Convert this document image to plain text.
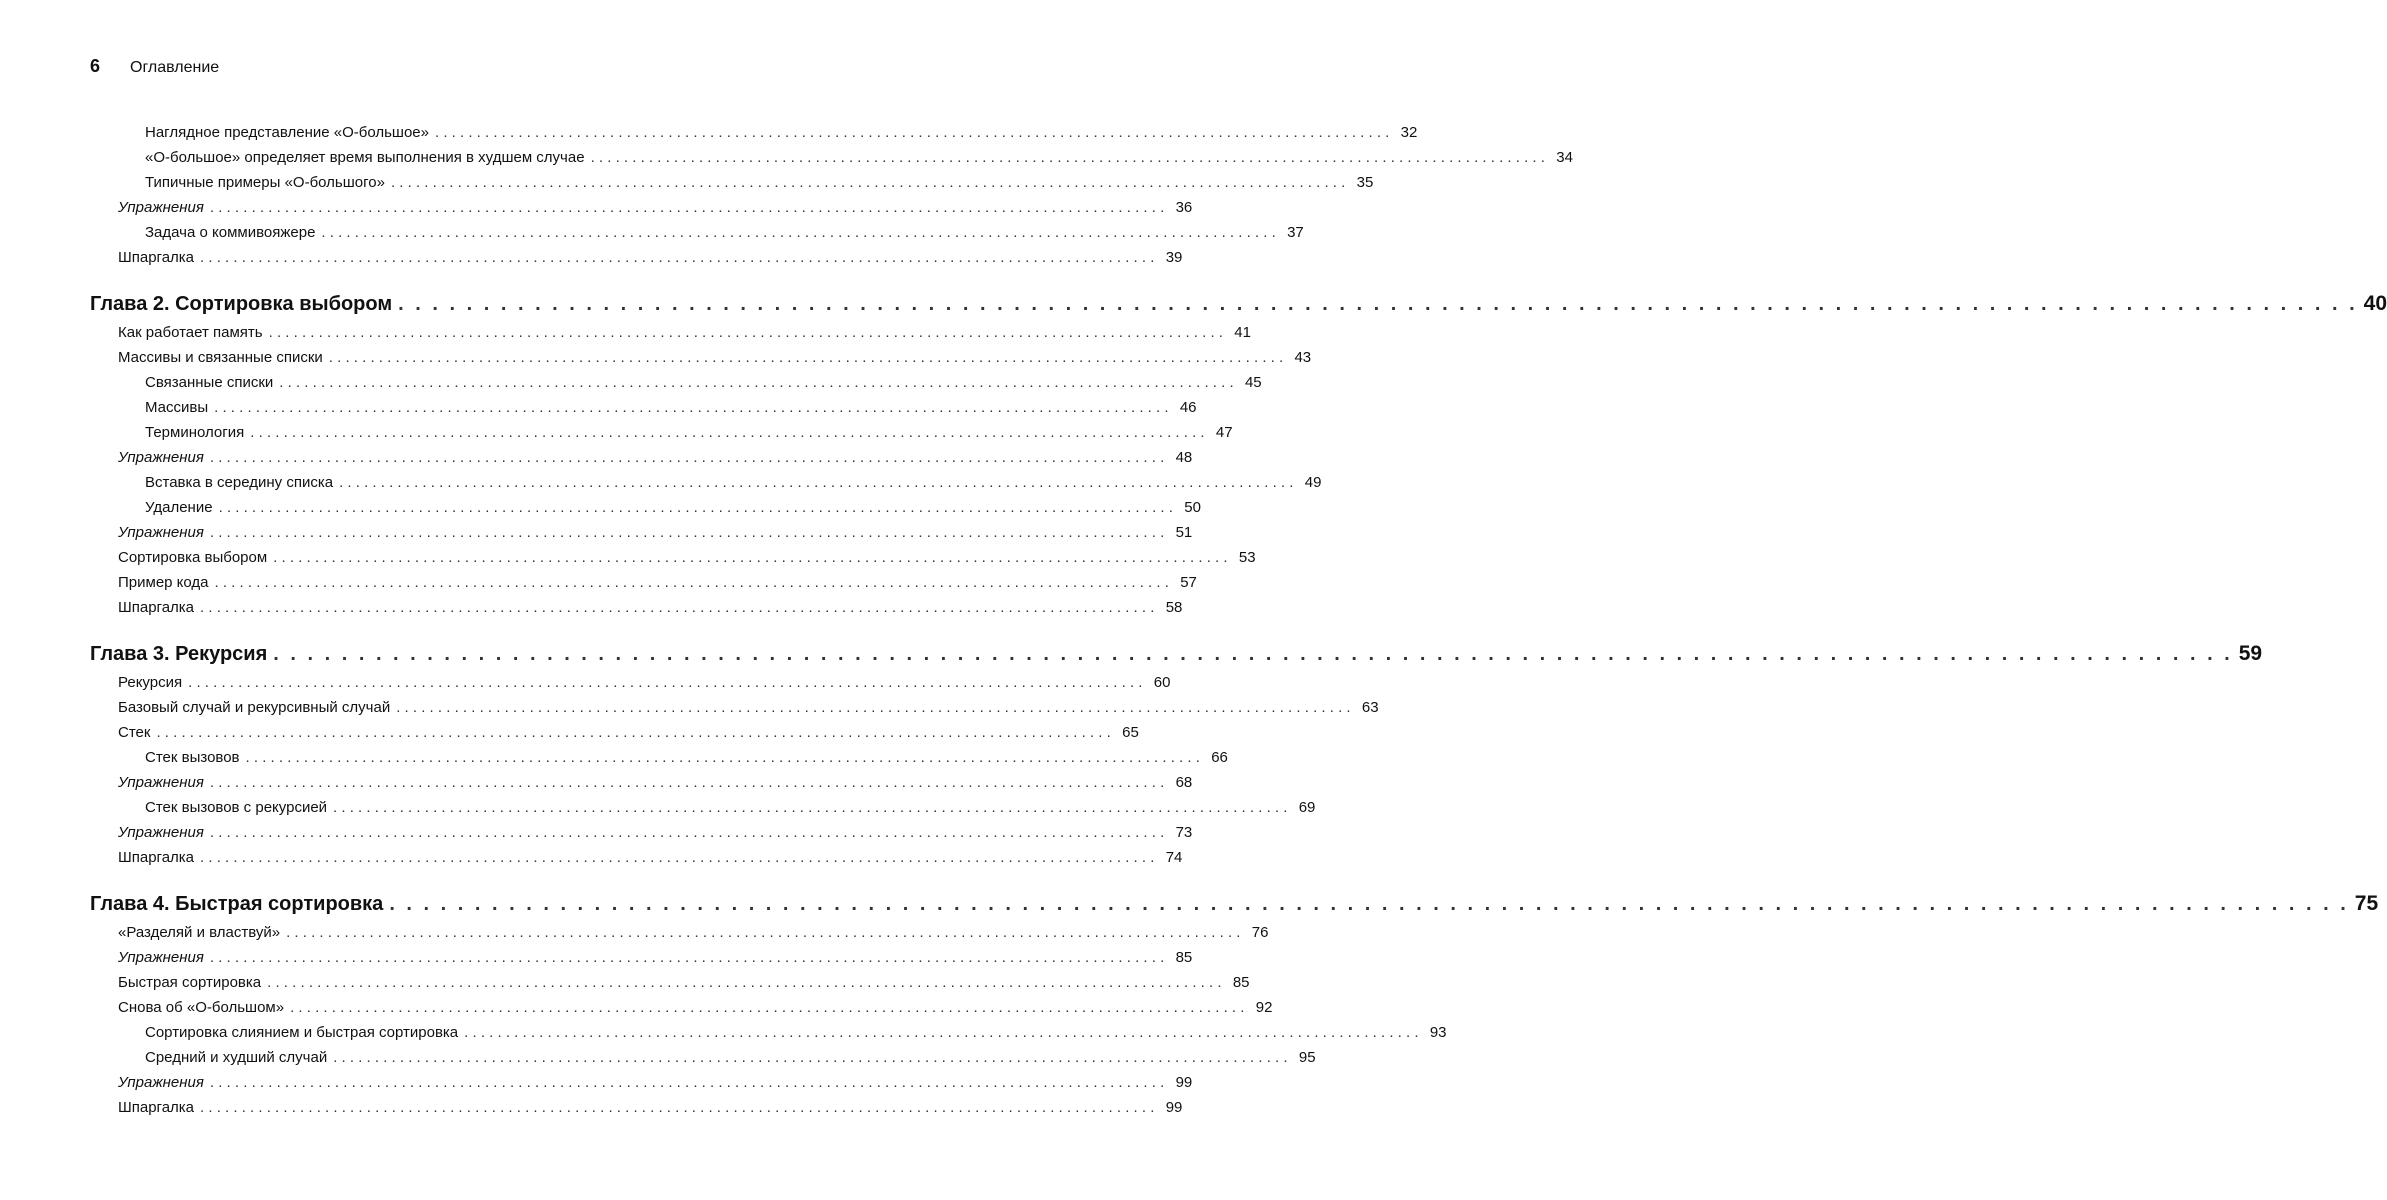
6	Оглавление
Наглядное представление «О-большое» . . . . . . . . . . . . . . . . . . . . . . . . . . . . . . . . . . . . . . . . . . . . . . . . . . . . . . . . . . . . . . . . . . . . . . . . . . . . . . . . . . . . . . . . . . . . . . . . . . . . . . . . . . . . . . . . . . . 32
«О-большое» определяет время выполнения в худшем случае . . . . . . . . . . . . . . . . . . . . . . . . . . . . . . . . . . . . . . . . . . . . . . . . . . . . . . . . . . . . . . . . . . . . . . . . . . . . . . . . . . . . . . . . . . . . . . . . . . . . . . . . . . . . . . . . . . . 34
Типичные примеры «О-большого» . . . . . . . . . . . . . . . . . . . . . . . . . . . . . . . . . . . . . . . . . . . . . . . . . . . . . . . . . . . . . . . . . . . . . . . . . . . . . . . . . . . . . . . . . . . . . . . . . . . . . . . . . . . . . . . . . . . 35
Упражнения . . . . . . . . . . . . . . . . . . . . . . . . . . . . . . . . . . . . . . . . . . . . . . . . . . . . . . . . . . . . . . . . . . . . . . . . . . . . . . . . . . . . . . . . . . . . . . . . . . . . . . . . . . . . . . . . . . . 36
Задача о коммивояжере . . . . . . . . . . . . . . . . . . . . . . . . . . . . . . . . . . . . . . . . . . . . . . . . . . . . . . . . . . . . . . . . . . . . . . . . . . . . . . . . . . . . . . . . . . . . . . . . . . . . . . . . . . . . . . . . . . . 37
Шпаргалка . . . . . . . . . . . . . . . . . . . . . . . . . . . . . . . . . . . . . . . . . . . . . . . . . . . . . . . . . . . . . . . . . . . . . . . . . . . . . . . . . . . . . . . . . . . . . . . . . . . . . . . . . . . . . . . . . . . 39
Глава 2. Сортировка выбором . . . . . . . . . . . . . . . . . . . . . . . . . . . . . . . . . . . . . . . . . . . . . . . . . . . . . . . . . . . . . . . . . . . . . . . . . . . . . . . . . . . . . . . . . . . . . . . . . . . . . . . . . . . . . . . . . . . 40
Как работает память . . . . . . . . . . . . . . . . . . . . . . . . . . . . . . . . . . . . . . . . . . . . . . . . . . . . . . . . . . . . . . . . . . . . . . . . . . . . . . . . . . . . . . . . . . . . . . . . . . . . . . . . . . . . . . . . . . . 41
Массивы и связанные списки . . . . . . . . . . . . . . . . . . . . . . . . . . . . . . . . . . . . . . . . . . . . . . . . . . . . . . . . . . . . . . . . . . . . . . . . . . . . . . . . . . . . . . . . . . . . . . . . . . . . . . . . . . . . . . . . . . . 43
Связанные списки . . . . . . . . . . . . . . . . . . . . . . . . . . . . . . . . . . . . . . . . . . . . . . . . . . . . . . . . . . . . . . . . . . . . . . . . . . . . . . . . . . . . . . . . . . . . . . . . . . . . . . . . . . . . . . . . . . . 45
Массивы . . . . . . . . . . . . . . . . . . . . . . . . . . . . . . . . . . . . . . . . . . . . . . . . . . . . . . . . . . . . . . . . . . . . . . . . . . . . . . . . . . . . . . . . . . . . . . . . . . . . . . . . . . . . . . . . . . . 46
Терминология . . . . . . . . . . . . . . . . . . . . . . . . . . . . . . . . . . . . . . . . . . . . . . . . . . . . . . . . . . . . . . . . . . . . . . . . . . . . . . . . . . . . . . . . . . . . . . . . . . . . . . . . . . . . . . . . . . . 47
Упражнения . . . . . . . . . . . . . . . . . . . . . . . . . . . . . . . . . . . . . . . . . . . . . . . . . . . . . . . . . . . . . . . . . . . . . . . . . . . . . . . . . . . . . . . . . . . . . . . . . . . . . . . . . . . . . . . . . . . 48
Вставка в середину списка . . . . . . . . . . . . . . . . . . . . . . . . . . . . . . . . . . . . . . . . . . . . . . . . . . . . . . . . . . . . . . . . . . . . . . . . . . . . . . . . . . . . . . . . . . . . . . . . . . . . . . . . . . . . . . . . . . . 49
Удаление . . . . . . . . . . . . . . . . . . . . . . . . . . . . . . . . . . . . . . . . . . . . . . . . . . . . . . . . . . . . . . . . . . . . . . . . . . . . . . . . . . . . . . . . . . . . . . . . . . . . . . . . . . . . . . . . . . . 50
Упражнения . . . . . . . . . . . . . . . . . . . . . . . . . . . . . . . . . . . . . . . . . . . . . . . . . . . . . . . . . . . . . . . . . . . . . . . . . . . . . . . . . . . . . . . . . . . . . . . . . . . . . . . . . . . . . . . . . . . 51
Сортировка выбором . . . . . . . . . . . . . . . . . . . . . . . . . . . . . . . . . . . . . . . . . . . . . . . . . . . . . . . . . . . . . . . . . . . . . . . . . . . . . . . . . . . . . . . . . . . . . . . . . . . . . . . . . . . . . . . . . . . 53
Пример кода . . . . . . . . . . . . . . . . . . . . . . . . . . . . . . . . . . . . . . . . . . . . . . . . . . . . . . . . . . . . . . . . . . . . . . . . . . . . . . . . . . . . . . . . . . . . . . . . . . . . . . . . . . . . . . . . . . . 57
Шпаргалка . . . . . . . . . . . . . . . . . . . . . . . . . . . . . . . . . . . . . . . . . . . . . . . . . . . . . . . . . . . . . . . . . . . . . . . . . . . . . . . . . . . . . . . . . . . . . . . . . . . . . . . . . . . . . . . . . . . 58
Глава 3. Рекурсия . . . . . . . . . . . . . . . . . . . . . . . . . . . . . . . . . . . . . . . . . . . . . . . . . . . . . . . . . . . . . . . . . . . . . . . . . . . . . . . . . . . . . . . . . . . . . . . . . . . . . . . . . . . . . . . . . . . 59
Рекурсия . . . . . . . . . . . . . . . . . . . . . . . . . . . . . . . . . . . . . . . . . . . . . . . . . . . . . . . . . . . . . . . . . . . . . . . . . . . . . . . . . . . . . . . . . . . . . . . . . . . . . . . . . . . . . . . . . . . 60
Базовый случай и рекурсивный случай . . . . . . . . . . . . . . . . . . . . . . . . . . . . . . . . . . . . . . . . . . . . . . . . . . . . . . . . . . . . . . . . . . . . . . . . . . . . . . . . . . . . . . . . . . . . . . . . . . . . . . . . . . . . . . . . . . . 63
Стек . . . . . . . . . . . . . . . . . . . . . . . . . . . . . . . . . . . . . . . . . . . . . . . . . . . . . . . . . . . . . . . . . . . . . . . . . . . . . . . . . . . . . . . . . . . . . . . . . . . . . . . . . . . . . . . . . . . 65
Стек вызовов . . . . . . . . . . . . . . . . . . . . . . . . . . . . . . . . . . . . . . . . . . . . . . . . . . . . . . . . . . . . . . . . . . . . . . . . . . . . . . . . . . . . . . . . . . . . . . . . . . . . . . . . . . . . . . . . . . . 66
Упражнения . . . . . . . . . . . . . . . . . . . . . . . . . . . . . . . . . . . . . . . . . . . . . . . . . . . . . . . . . . . . . . . . . . . . . . . . . . . . . . . . . . . . . . . . . . . . . . . . . . . . . . . . . . . . . . . . . . . 68
Стек вызовов с рекурсией . . . . . . . . . . . . . . . . . . . . . . . . . . . . . . . . . . . . . . . . . . . . . . . . . . . . . . . . . . . . . . . . . . . . . . . . . . . . . . . . . . . . . . . . . . . . . . . . . . . . . . . . . . . . . . . . . . . 69
Упражнения . . . . . . . . . . . . . . . . . . . . . . . . . . . . . . . . . . . . . . . . . . . . . . . . . . . . . . . . . . . . . . . . . . . . . . . . . . . . . . . . . . . . . . . . . . . . . . . . . . . . . . . . . . . . . . . . . . . 73
Шпаргалка . . . . . . . . . . . . . . . . . . . . . . . . . . . . . . . . . . . . . . . . . . . . . . . . . . . . . . . . . . . . . . . . . . . . . . . . . . . . . . . . . . . . . . . . . . . . . . . . . . . . . . . . . . . . . . . . . . . 74
Глава 4. Быстрая сортировка . . . . . . . . . . . . . . . . . . . . . . . . . . . . . . . . . . . . . . . . . . . . . . . . . . . . . . . . . . . . . . . . . . . . . . . . . . . . . . . . . . . . . . . . . . . . . . . . . . . . . . . . . . . . . . . . . . . 75
«Разделяй и властвуй» . . . . . . . . . . . . . . . . . . . . . . . . . . . . . . . . . . . . . . . . . . . . . . . . . . . . . . . . . . . . . . . . . . . . . . . . . . . . . . . . . . . . . . . . . . . . . . . . . . . . . . . . . . . . . . . . . . . 76
Упражнения . . . . . . . . . . . . . . . . . . . . . . . . . . . . . . . . . . . . . . . . . . . . . . . . . . . . . . . . . . . . . . . . . . . . . . . . . . . . . . . . . . . . . . . . . . . . . . . . . . . . . . . . . . . . . . . . . . . 85
Быстрая сортировка . . . . . . . . . . . . . . . . . . . . . . . . . . . . . . . . . . . . . . . . . . . . . . . . . . . . . . . . . . . . . . . . . . . . . . . . . . . . . . . . . . . . . . . . . . . . . . . . . . . . . . . . . . . . . . . . . . . 85
Снова об «О-большом» . . . . . . . . . . . . . . . . . . . . . . . . . . . . . . . . . . . . . . . . . . . . . . . . . . . . . . . . . . . . . . . . . . . . . . . . . . . . . . . . . . . . . . . . . . . . . . . . . . . . . . . . . . . . . . . . . . . 92
Сортировка слиянием и быстрая сортировка . . . . . . . . . . . . . . . . . . . . . . . . . . . . . . . . . . . . . . . . . . . . . . . . . . . . . . . . . . . . . . . . . . . . . . . . . . . . . . . . . . . . . . . . . . . . . . . . . . . . . . . . . . . . . . . . . . . 93
Средний и худший случай . . . . . . . . . . . . . . . . . . . . . . . . . . . . . . . . . . . . . . . . . . . . . . . . . . . . . . . . . . . . . . . . . . . . . . . . . . . . . . . . . . . . . . . . . . . . . . . . . . . . . . . . . . . . . . . . . . . 95
Упражнения . . . . . . . . . . . . . . . . . . . . . . . . . . . . . . . . . . . . . . . . . . . . . . . . . . . . . . . . . . . . . . . . . . . . . . . . . . . . . . . . . . . . . . . . . . . . . . . . . . . . . . . . . . . . . . . . . . . 99
Шпаргалка . . . . . . . . . . . . . . . . . . . . . . . . . . . . . . . . . . . . . . . . . . . . . . . . . . . . . . . . . . . . . . . . . . . . . . . . . . . . . . . . . . . . . . . . . . . . . . . . . . . . . . . . . . . . . . . . . . . 99
